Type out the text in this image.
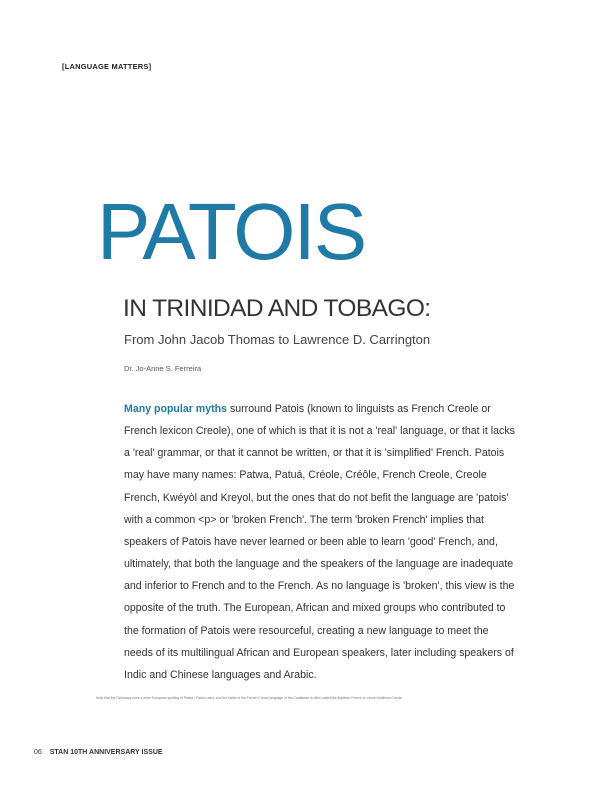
[LANGUAGE MATTERS]
PATOIS
IN TRINIDAD AND TOBAGO:
From John Jacob Thomas to Lawrence D. Carrington
Dr. Jo-Anne S. Ferreira

Many popular myths surround Patois (known to linguists as French Creole or French lexicon Creole), one of which is that it is not a 'real' language, or that it lacks a 'real' grammar, or that it cannot be written, or that it is 'simplified' French. Patois may have many names: Patwa, Patuá, Créole, Créôle, French Creole, Creole French, Kwéyòl and Kreyol, but the ones that do not befit the language are 'patois' with a common <p> or 'broken French'. The term 'broken French' implies that speakers of Patois have never learned or been able to learn 'good' French, and, ultimately, that both the language and the speakers of the language are inadequate and inferior to French and to the French. As no language is 'broken', this view is the opposite of the truth. The European, African and mixed groups who contributed to the formation of Patois were resourceful, creating a new language to meet the needs of its multilingual African and European speakers, later including speakers of Indic and Chinese languages and Arabic.

Note that the Dictionary uses a more European spelling of Patwa / Patois used, and the name of the French Creole language of the Caribbean is often called the Antillean French or Lesser Antillean Creole.
06 STAN 10TH ANNIVERSARY ISSUE
